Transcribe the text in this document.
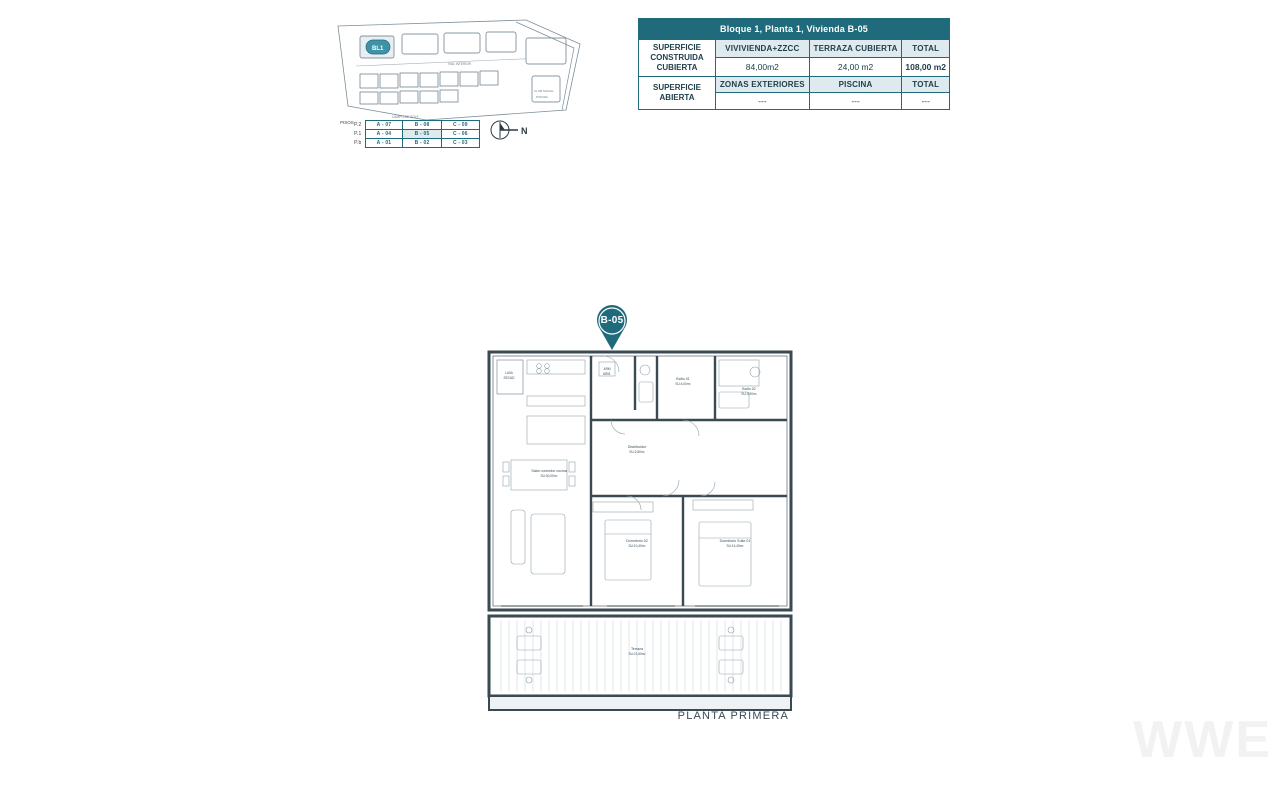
BL1
VIAL INTERIOR
CAMPO DE GOLF
CLUB SOCIAL
PISCINA
PISOS P.2	A - 07	B - 08	C - 09
P.1	A - 04	B - 05	C - 06
P.b	A - 01	B - 02	C - 03
N
Bloque 1, Planta 1, Vivienda B-05			
SUPERFICIE CONSTRUIDA CUBIERTA	VIVIVIENDA+ZZCC	TERRAZA CUBIERTA	TOTAL
	84,00m2	24,00 m2	108,00 m2
SUPERFICIE ABIERTA	ZONAS EXTERIORES	PISCINA	TOTAL
	---	---	---
B-05
Salon comedor cocina
SU:30,00m²
Distribuidor
SU:2,80m²
Baño 01
SU:4,00m²
Baño 02
SU:3,90m²
Dormitorio 02
SU:10,40m²
Dormitorio Suite 01
SU:14,40m²
Terraza
SU:21,60m²
LAVA
SECAD
ARM
ARM.
PLANTA PRIMERA	WWE
